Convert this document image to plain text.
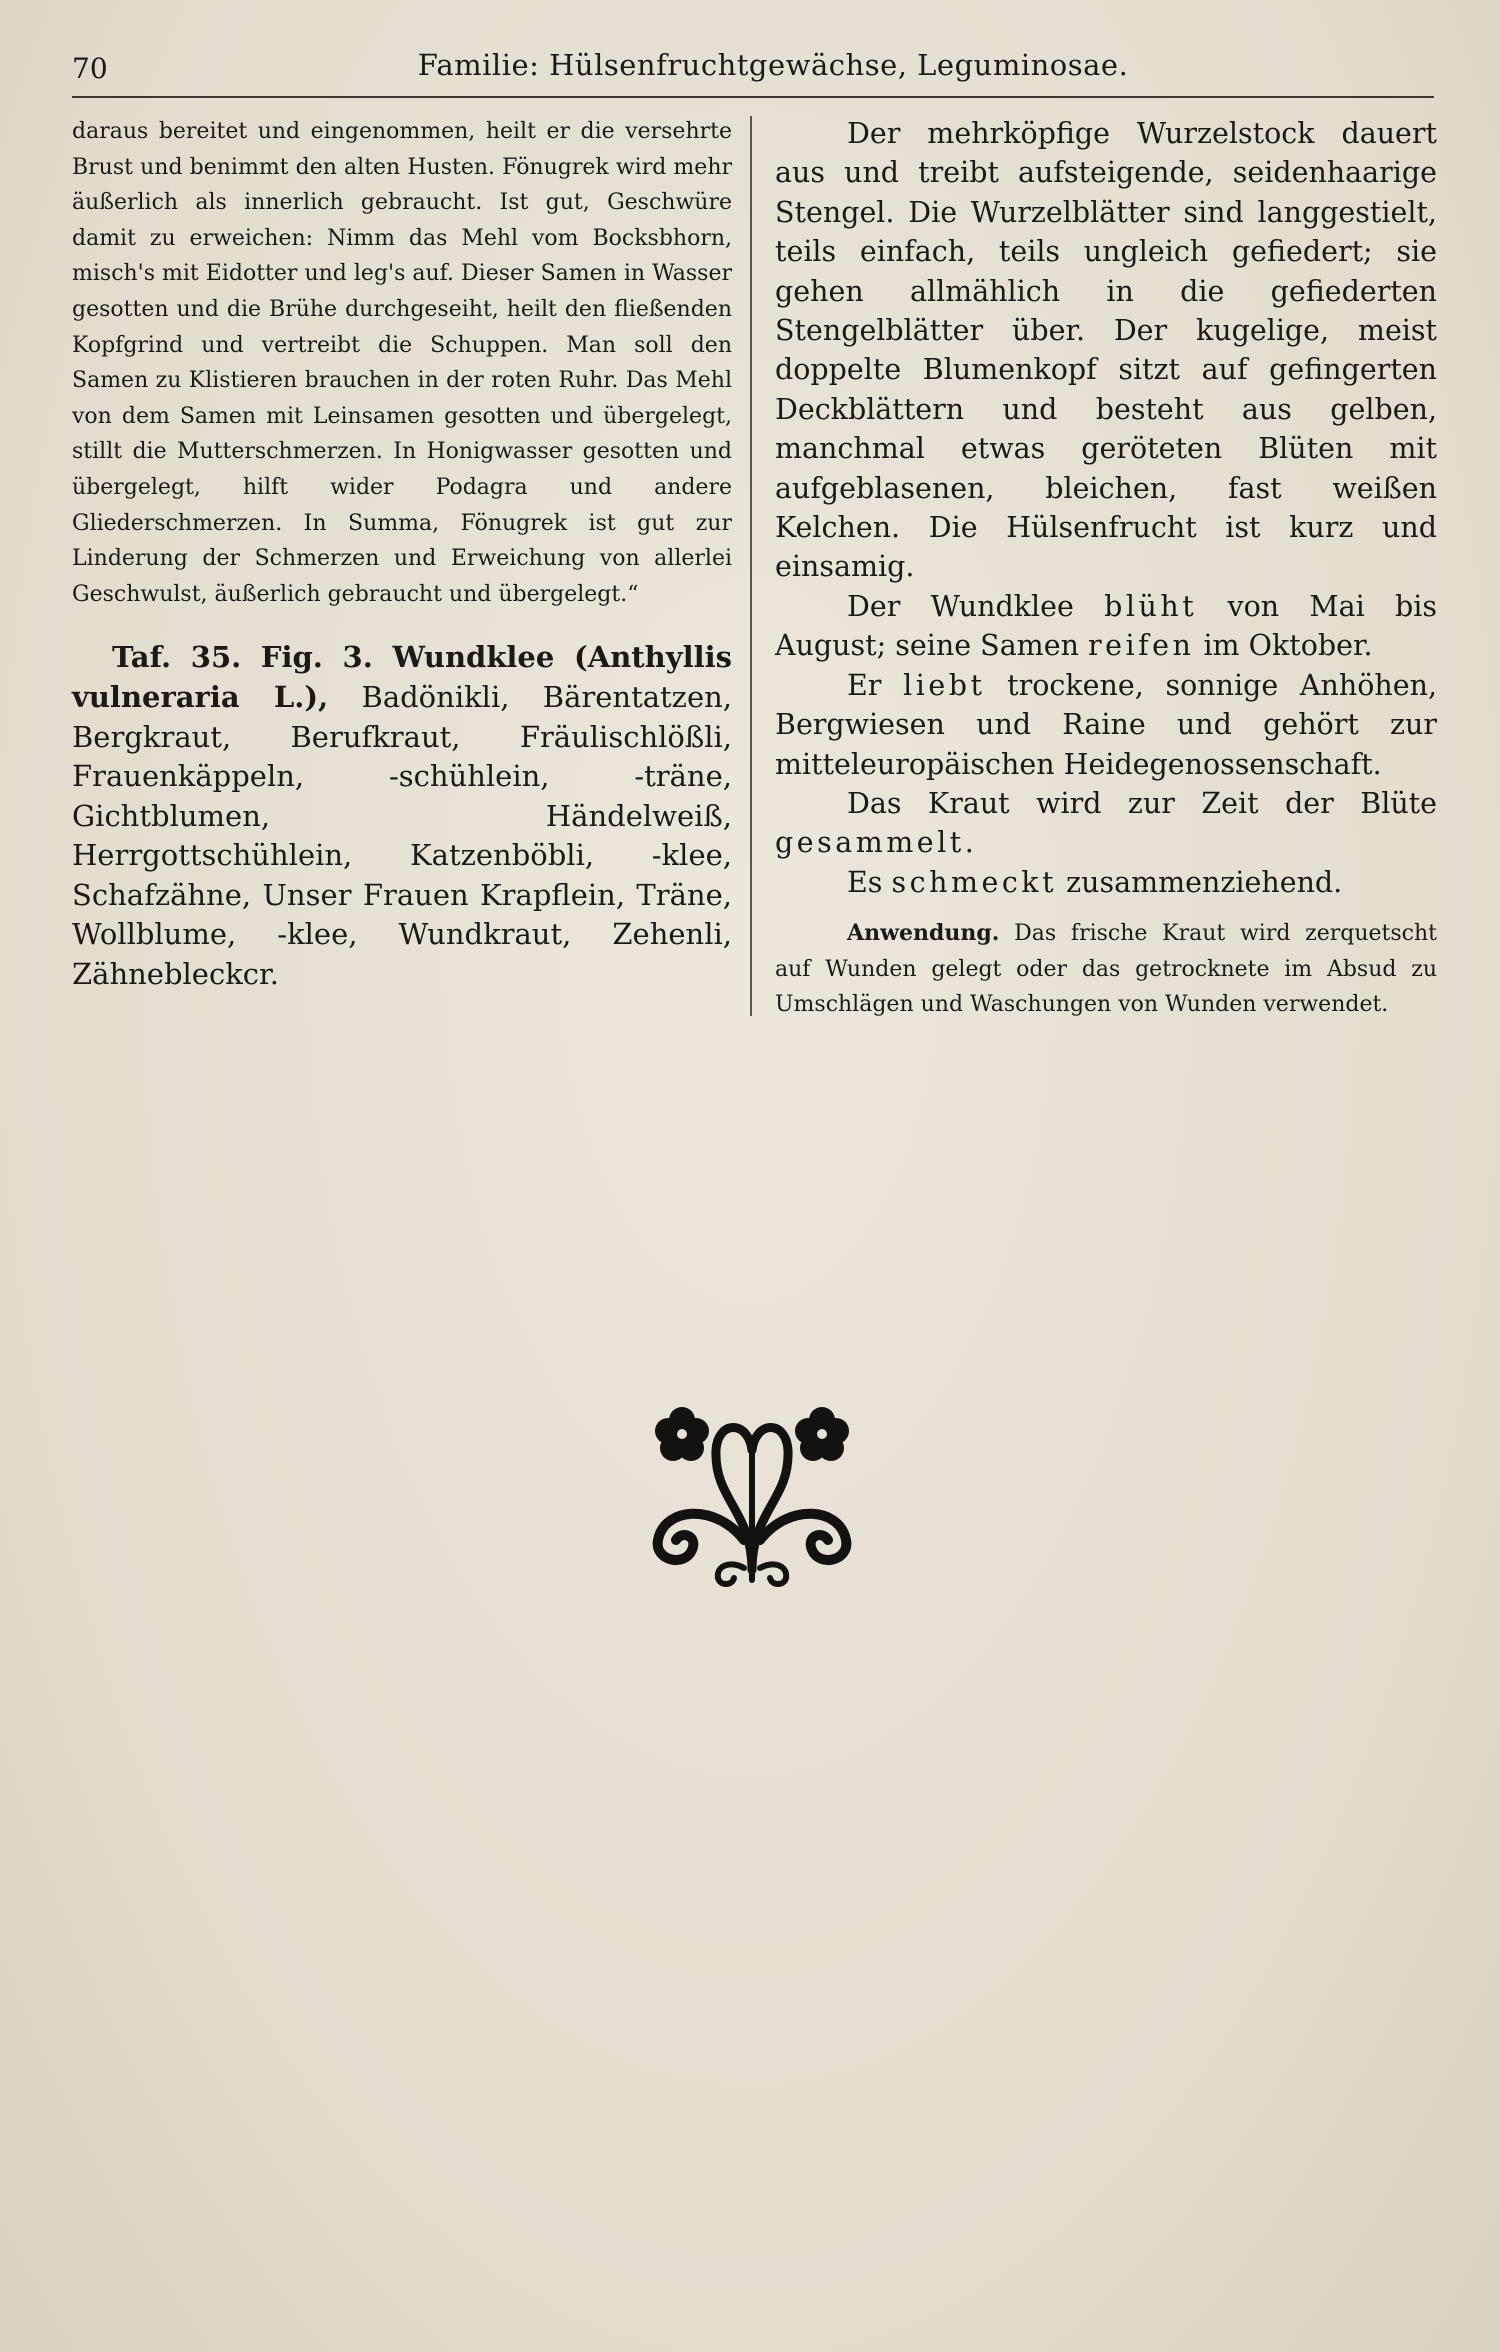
70	Familie: Hülsenfruchtgewächse, Leguminosae.

daraus bereitet und eingenommen, heilt er die versehrte Brust und benimmt den alten Husten. Fönugrek wird mehr äußerlich als innerlich gebraucht. Ist gut, Geschwüre damit zu erweichen: Nimm das Mehl vom Bocksbhorn, misch's mit Eidotter und leg's auf. Dieser Samen in Wasser gesotten und die Brühe durchgeseiht, heilt den fließenden Kopfgrind und vertreibt die Schuppen. Man soll den Samen zu Klistieren brauchen in der roten Ruhr. Das Mehl von dem Samen mit Leinsamen gesotten und übergelegt, stillt die Mutterschmerzen. In Honigwasser gesotten und übergelegt, hilft wider Podagra und andere Gliederschmerzen. In Summa, Fönugrek ist gut zur Linderung der Schmerzen und Erweichung von allerlei Geschwulst, äußerlich gebraucht und übergelegt.“

Taf. 35. Fig. 3. Wundklee (Anthyllis vulneraria L.), Badönikli, Bärentatzen, Bergkraut, Berufkraut, Fräulischlößli, Frauenkäppeln, -schühlein, -träne, Gichtblumen, Händelweiß, Herrgottschühlein, Katzenböbli, -klee, Schafzähne, Unser Frauen Krapflein, Träne, Wollblume, -klee, Wundkraut, Zehenli, Zähnebleckcr.

Der mehrköpfige Wurzelstock dauert aus und treibt aufsteigende, seidenhaarige Stengel. Die Wurzelblätter sind langgestielt, teils einfach, teils ungleich gefiedert; sie gehen allmählich in die gefiederten Stengelblätter über. Der kugelige, meist doppelte Blumenkopf sitzt auf gefingerten Deckblättern und besteht aus gelben, manchmal etwas geröteten Blüten mit aufgeblasenen, bleichen, fast weißen Kelchen. Die Hülsenfrucht ist kurz und einsamig.

Der Wundklee blüht von Mai bis August; seine Samen reifen im Oktober.

Er liebt trockene, sonnige Anhöhen, Bergwiesen und Raine und gehört zur mitteleuropäischen Heidegenossenschaft.

Das Kraut wird zur Zeit der Blüte gesammelt.

Es schmeckt zusammenziehend.

Anwendung. Das frische Kraut wird zerquetscht auf Wunden gelegt oder das getrocknete im Absud zu Umschlägen und Waschungen von Wunden verwendet.
